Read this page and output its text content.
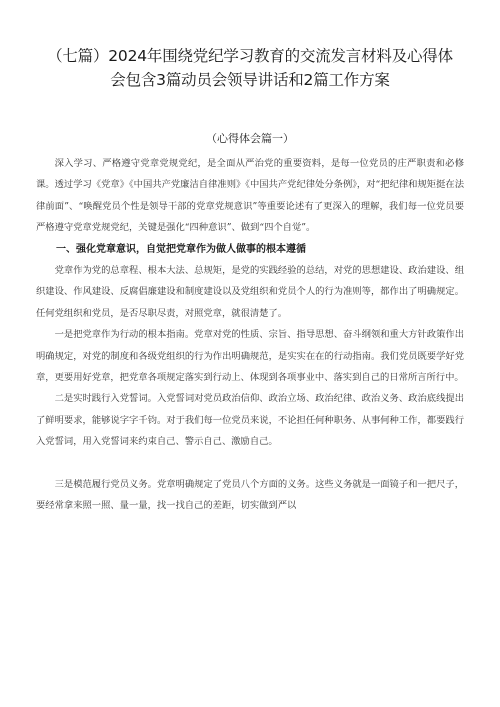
（七篇）2024年围绕党纪学习教育的交流发言材料及心得体会包含3篇动员会领导讲话和2篇工作方案
（心得体会篇一）

深入学习、严格遵守党章党规党纪，是全面从严治党的重要资料，是每一位党员的庄严职责和必修课。透过学习《党章》《中国共产党廉洁自律准则》《中国共产党纪律处分条例》，对“把纪律和规矩挺在法律前面”、“唤醒党员个性是领导干部的党章党规意识”等重要论述有了更深入的理解，我们每一位党员要严格遵守党章党规党纪，关键是强化“四种意识”、做到“四个自觉”。

一、强化党章意识，自觉把党章作为做人做事的根本遵循

党章作为党的总章程、根本大法、总规矩，是党的实践经验的总结，对党的思想建设、政治建设、组织建设、作风建设、反腐倡廉建设和制度建设以及党组织和党员个人的行为准则等，都作出了明确规定。任何党组织和党员，是否尽职尽责，对照党章，就很清楚了。

一是把党章作为行动的根本指南。党章对党的性质、宗旨、指导思想、奋斗纲领和重大方针政策作出明确规定，对党的制度和各级党组织的行为作出明确规范，是实实在在的行动指南。我们党员既要学好党章，更要用好党章，把党章各项规定落实到行动上、体现到各项事业中、落实到自己的日常所言所行中。

二是实时践行入党誓词。入党誓词对党员政治信仰、政治立场、政治纪律、政治义务、政治底线提出了鲜明要求，能够说字字千钧。对于我们每一位党员来说，不论担任何种职务、从事何种工作，都要践行入党誓词，用入党誓词来约束自己、警示自己、激励自己。

三是模范履行党员义务。党章明确规定了党员八个方面的义务。这些义务就是一面镜子和一把尺子，要经常拿来照一照、量一量，找一找自己的差距，切实做到严以
